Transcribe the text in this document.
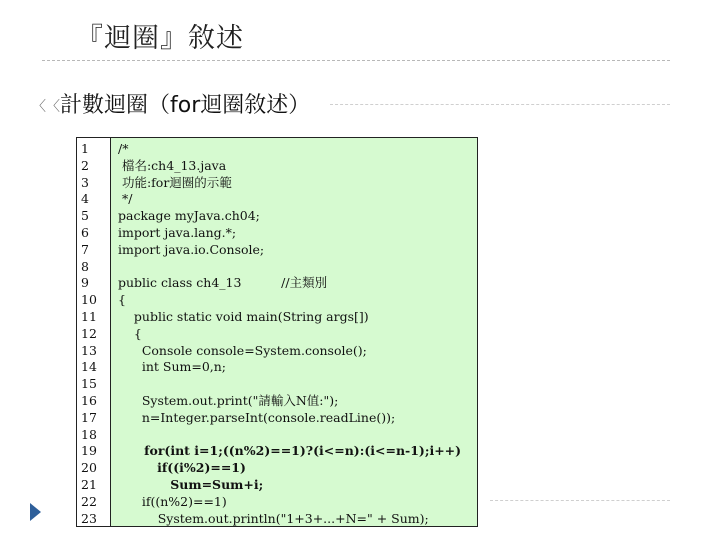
『迴圈』敘述
〈〈 計數迴圈（for迴圈敘述）
1
2
3
4
5
6
7
8
9
10
11
12
13
14
15
16
17
18
19
20
21
22
23
/*
檔名:ch4_13.java
功能:for迴圈的示範
*/
package myJava.ch04;
import java.lang.*;
import java.io.Console;

public class ch4_13          //主類別
{
public static void main(String args[])
{
Console console=System.console();
int Sum=0,n;

System.out.print("請輸入N值:");
n=Integer.parseInt(console.readLine());

for(int i=1;((n%2)==1)?(i<=n):(i<=n-1);i++)
if((i%2)==1)
Sum=Sum+i;
if((n%2)==1)
System.out.println("1+3+...+N=" + Sum);
